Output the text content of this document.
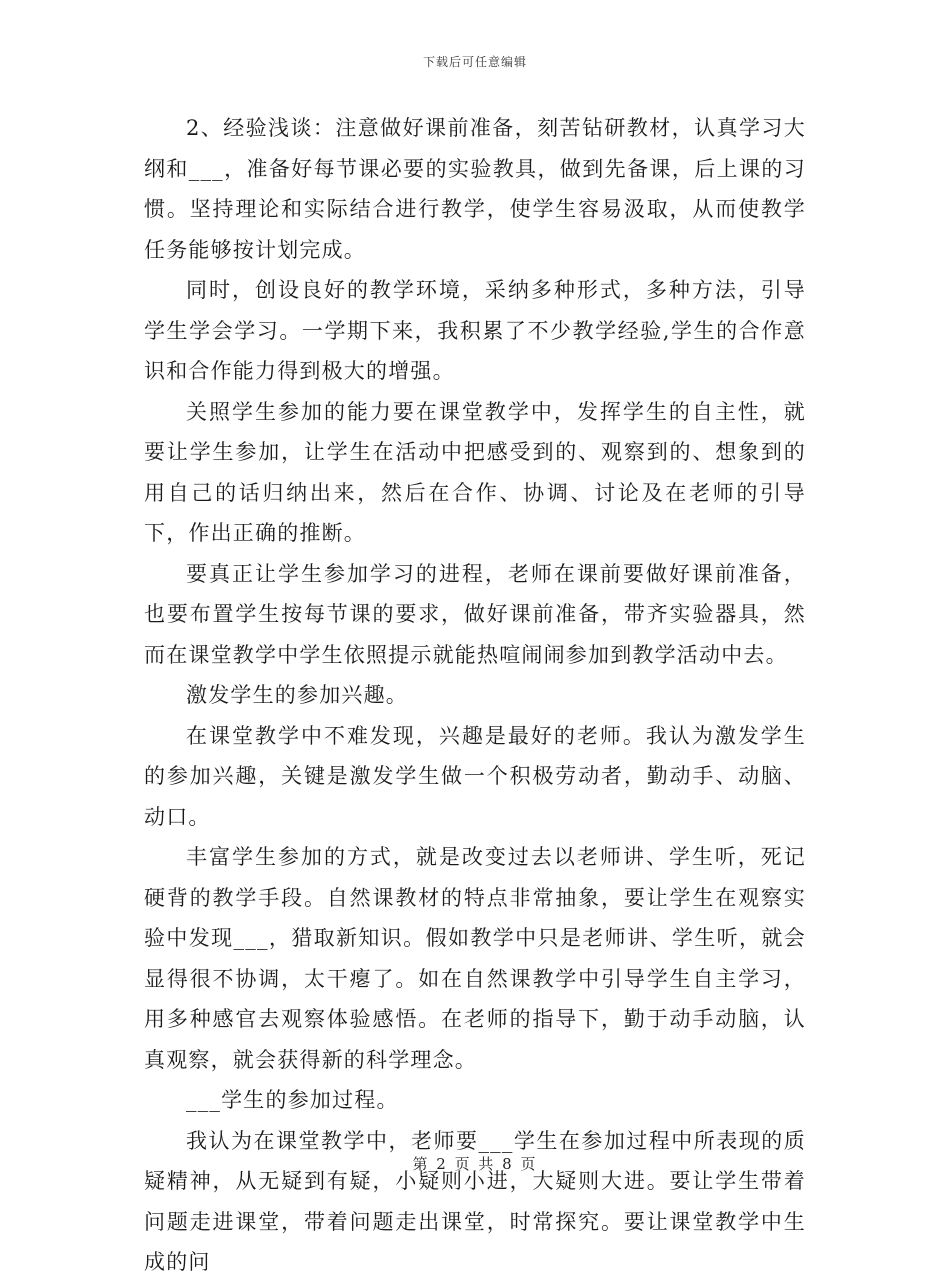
下载后可任意编辑

2、经验浅谈：注意做好课前准备，刻苦钻研教材，认真学习大纲和___，准备好每节课必要的实验教具，做到先备课，后上课的习惯。坚持理论和实际结合进行教学，使学生容易汲取，从而使教学任务能够按计划完成。

同时，创设良好的教学环境，采纳多种形式，多种方法，引导学生学会学习。一学期下来，我积累了不少教学经验,学生的合作意识和合作能力得到极大的增强。

关照学生参加的能力要在课堂教学中，发挥学生的自主性，就要让学生参加，让学生在活动中把感受到的、观察到的、想象到的用自己的话归纳出来，然后在合作、协调、讨论及在老师的引导下，作出正确的推断。

要真正让学生参加学习的进程，老师在课前要做好课前准备，也要布置学生按每节课的要求，做好课前准备，带齐实验器具，然而在课堂教学中学生依照提示就能热喧闹闹参加到教学活动中去。

激发学生的参加兴趣。

在课堂教学中不难发现，兴趣是最好的老师。我认为激发学生的参加兴趣，关键是激发学生做一个积极劳动者，勤动手、动脑、动口。

丰富学生参加的方式，就是改变过去以老师讲、学生听，死记硬背的教学手段。自然课教材的特点非常抽象，要让学生在观察实验中发现___，猎取新知识。假如教学中只是老师讲、学生听，就会显得很不协调，太干瘪了。如在自然课教学中引导学生自主学习，用多种感官去观察体验感悟。在老师的指导下，勤于动手动脑，认真观察，就会获得新的科学理念。

___学生的参加过程。

我认为在课堂教学中，老师要___学生在参加过程中所表现的质疑精神，从无疑到有疑，小疑则小进，大疑则大进。要让学生带着问题走进课堂，带着问题走出课堂，时常探究。要让课堂教学中生成的问

第 2 页 共 8 页
